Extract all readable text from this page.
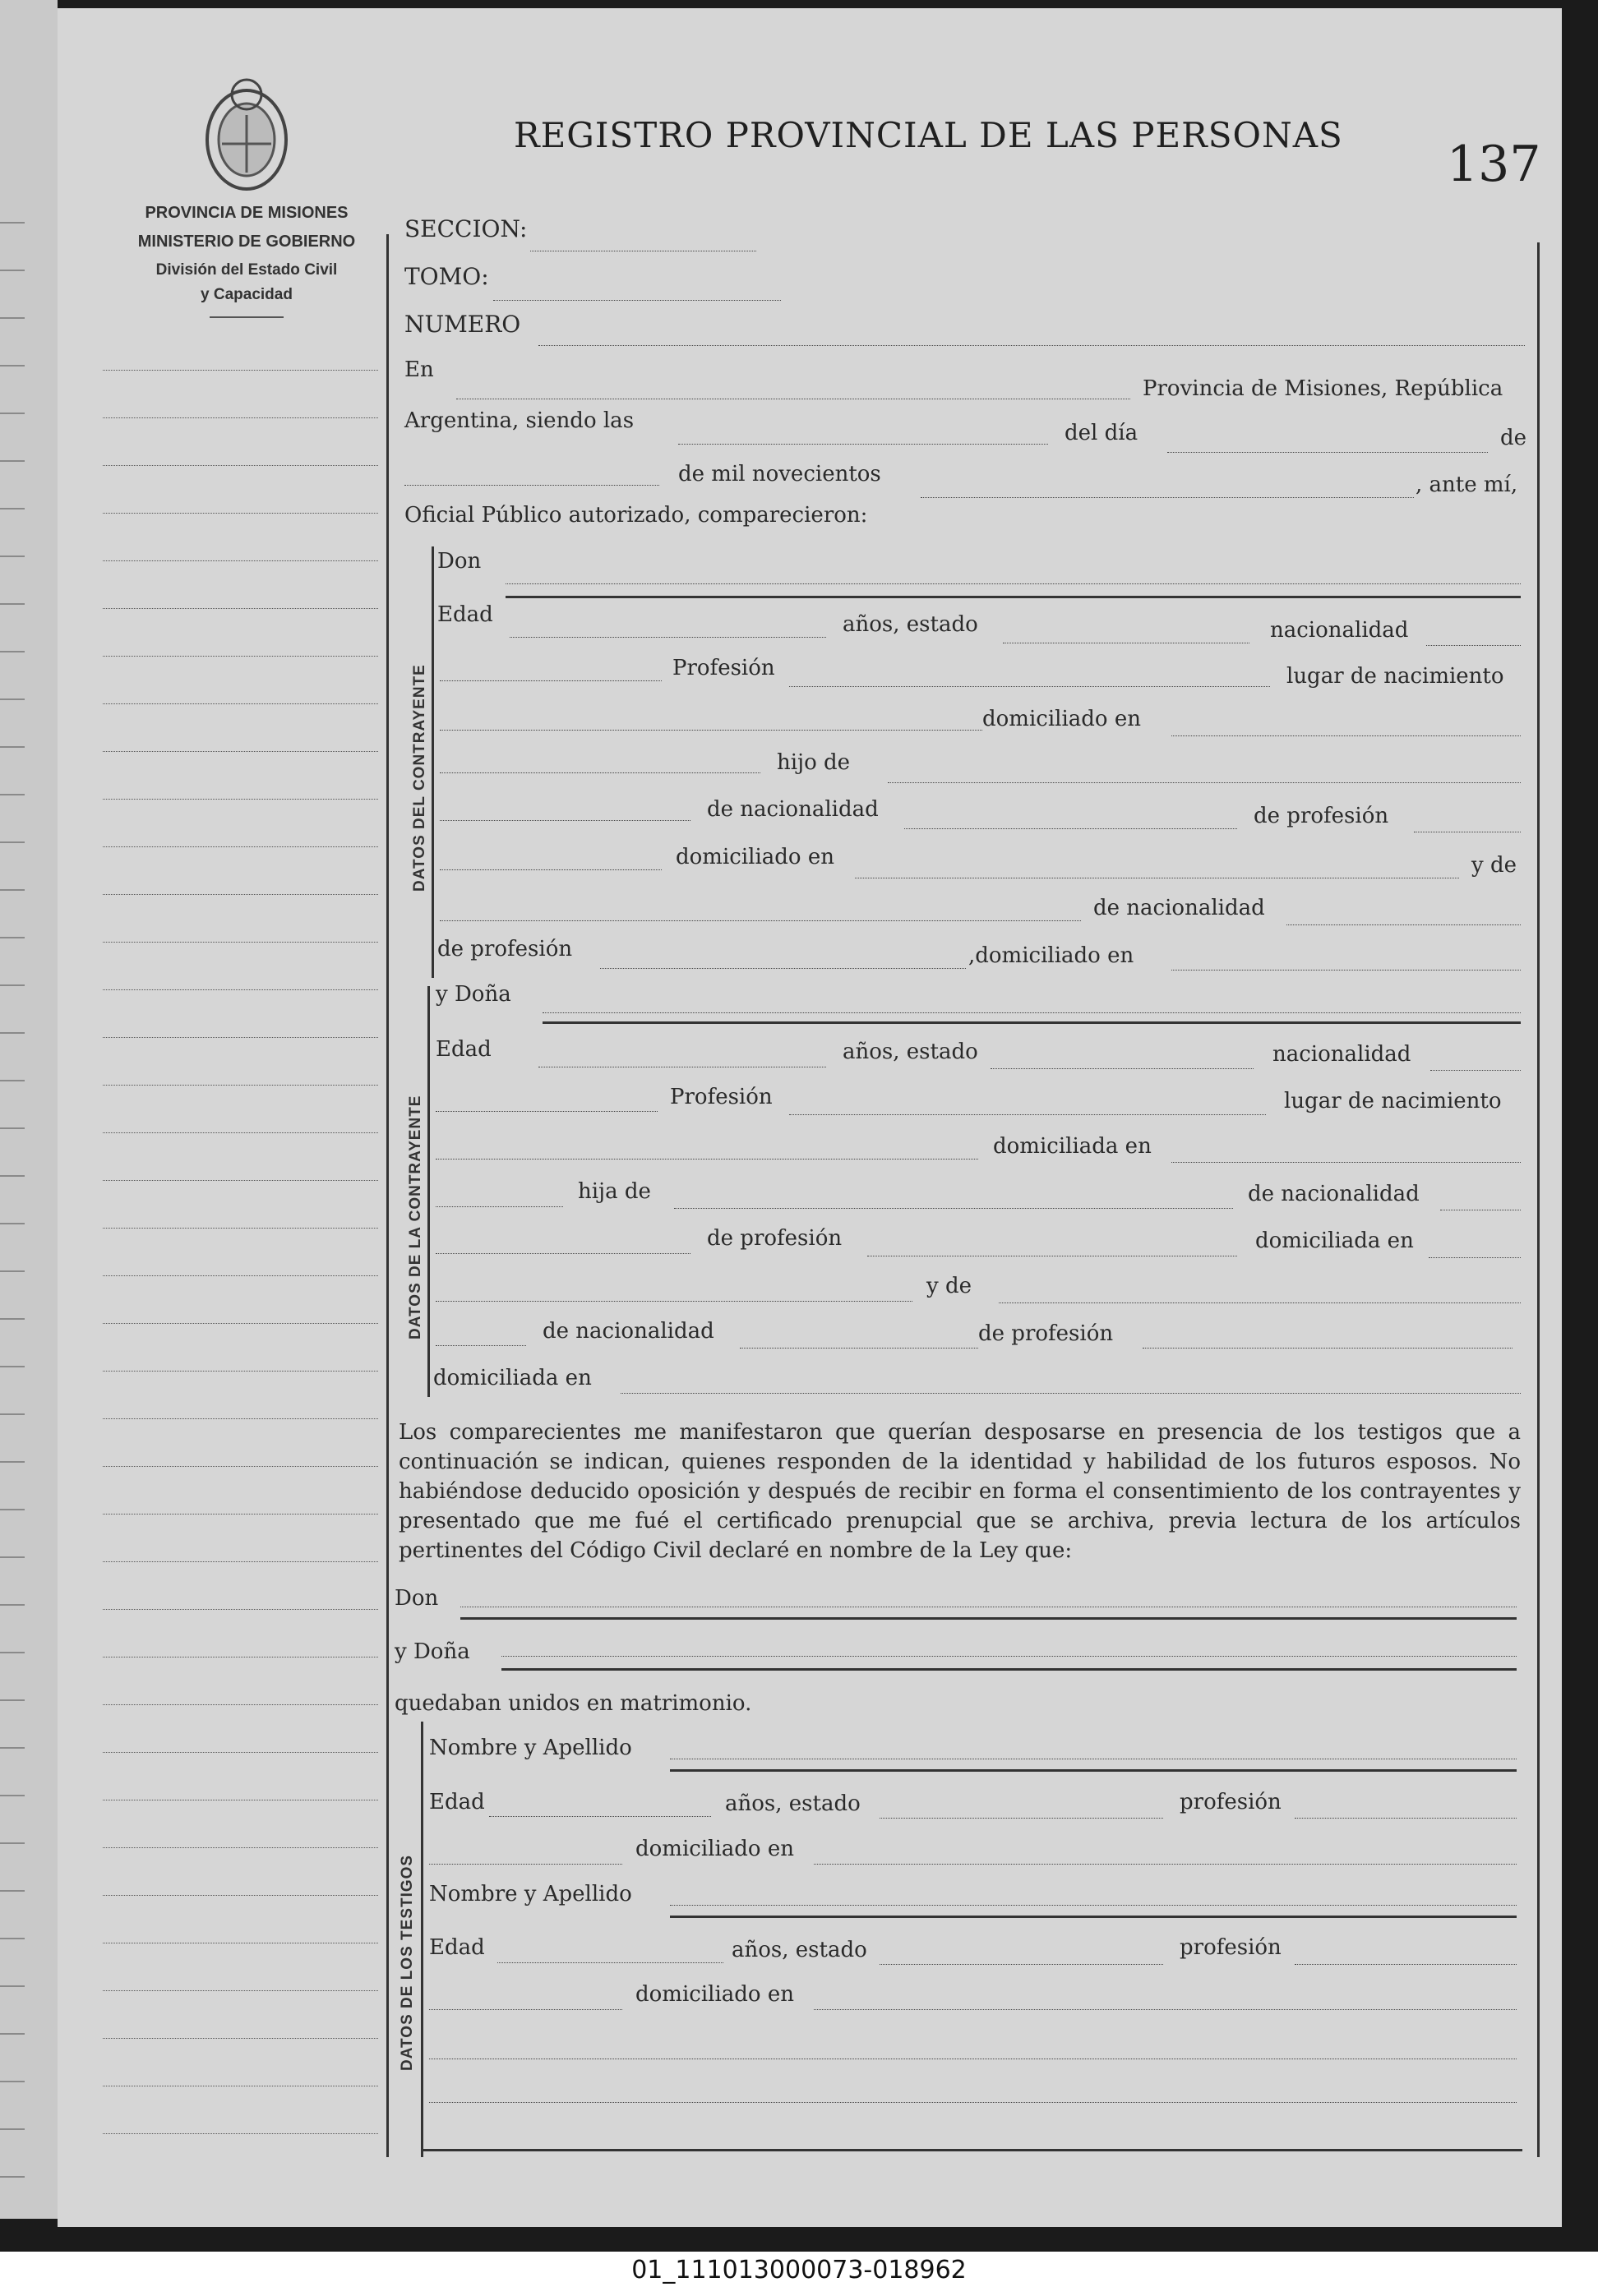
PROVINCIA DE MISIONES
MINISTERIO DE GOBIERNO
División del Estado Civil
y Capacidad
REGISTRO PROVINCIAL DE LAS PERSONAS
137
SECCION:
TOMO:
NUMERO
En
Provincia de Misiones, República
Argentina, siendo las	del día	de
de mil novecientos	, ante mí,
Oficial Público autorizado, comparecieron:
DATOS DEL CONTRAYENTE
Don
Edad	años, estado	nacionalidad
Profesión	lugar de nacimiento
domiciliado en
hijo de
de nacionalidad	de profesión
domiciliado en	y de
de nacionalidad
de profesión	,domiciliado en
DATOS DE LA CONTRAYENTE
y Doña
Edad	años, estado	nacionalidad
Profesión	lugar de nacimiento
domiciliada en
hija de	de nacionalidad
de profesión	domiciliada en
y de
de nacionalidad	de profesión
domiciliada en
Los comparecientes me manifestaron que querían desposarse en presencia de los testigos que a continuación se indican, quienes responden de la identidad y habilidad de los futuros esposos. No habiéndose deducido oposición y después de recibir en forma el consentimiento de los contrayentes y presentado que me fué el certificado prenupcial que se archiva, previa lectura de los artículos pertinentes del Código Civil declaré en nombre de la Ley que:
Don
y Doña
quedaban unidos en matrimonio.
DATOS DE LOS TESTIGOS
Nombre y Apellido
Edad	años, estado	profesión
domiciliado en
Nombre y Apellido
Edad	años, estado	profesión
domiciliado en
01_111013000073-018962
